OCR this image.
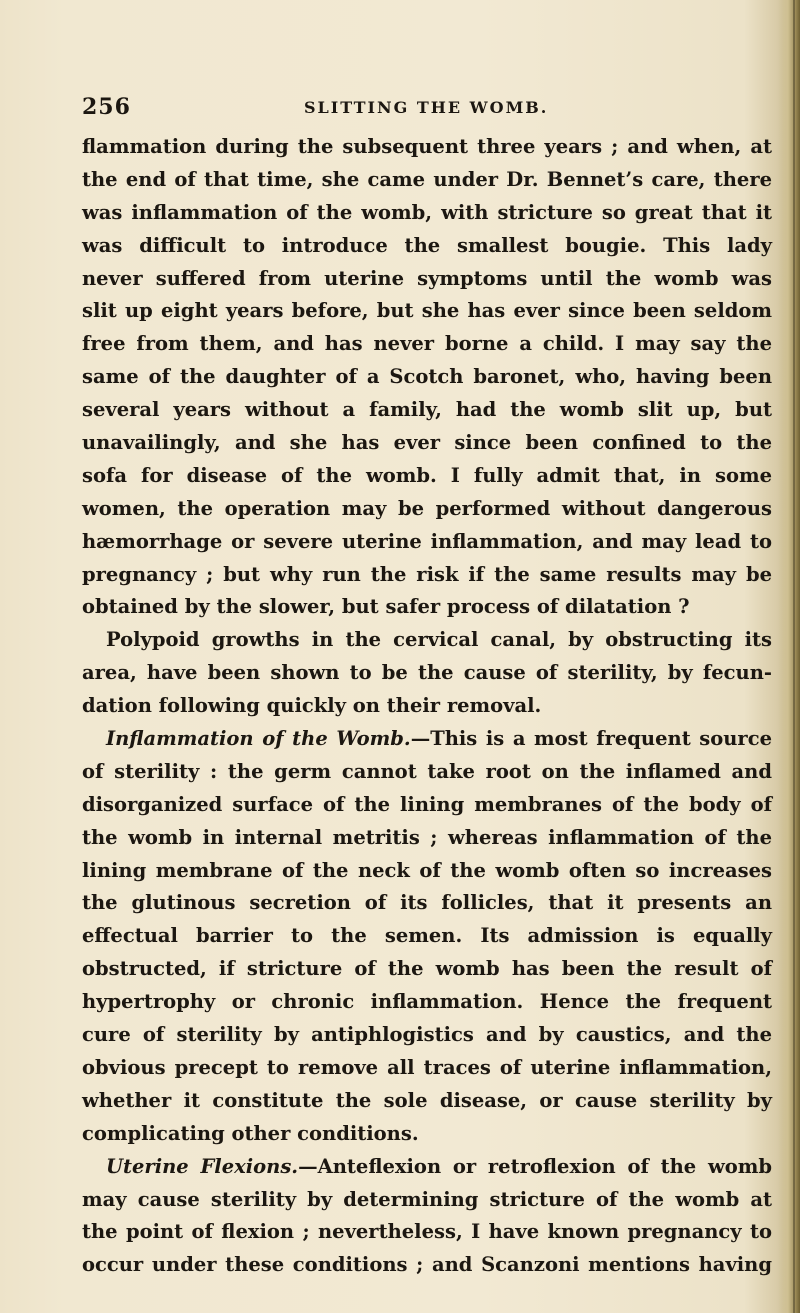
256	SLITTING THE WOMB.
flammation during the subsequent three years ; and when, at
the end of that time, she came under Dr. Bennet’s care, there
was inflammation of the womb, with stricture so great that it
was difficult to introduce the smallest bougie. This lady
never suffered from uterine symptoms until the womb was
slit up eight years before, but she has ever since been seldom
free from them, and has never borne a child. I may say the
same of the daughter of a Scotch baronet, who, having been
several years without a family, had the womb slit up, but
unavailingly, and she has ever since been confined to the
sofa for disease of the womb. I fully admit that, in some
women, the operation may be performed without dangerous
hæmorrhage or severe uterine inflammation, and may lead to
pregnancy ; but why run the risk if the same results may be
obtained by the slower, but safer process of dilatation ?
Polypoid growths in the cervical canal, by obstructing its
area, have been shown to be the cause of sterility, by fecun-
dation following quickly on their removal.
Inflammation of the Womb.—This is a most frequent source
of sterility : the germ cannot take root on the inflamed and
disorganized surface of the lining membranes of the body of
the womb in internal metritis ; whereas inflammation of the
lining membrane of the neck of the womb often so increases
the glutinous secretion of its follicles, that it presents an
effectual barrier to the semen. Its admission is equally
obstructed, if stricture of the womb has been the result of
hypertrophy or chronic inflammation. Hence the frequent
cure of sterility by antiphlogistics and by caustics, and the
obvious precept to remove all traces of uterine inflammation,
whether it constitute the sole disease, or cause sterility by
complicating other conditions.
Uterine Flexions.—Anteflexion or retroflexion of the womb
may cause sterility by determining stricture of the womb at
the point of flexion ; nevertheless, I have known pregnancy to
occur under these conditions ; and Scanzoni mentions having
